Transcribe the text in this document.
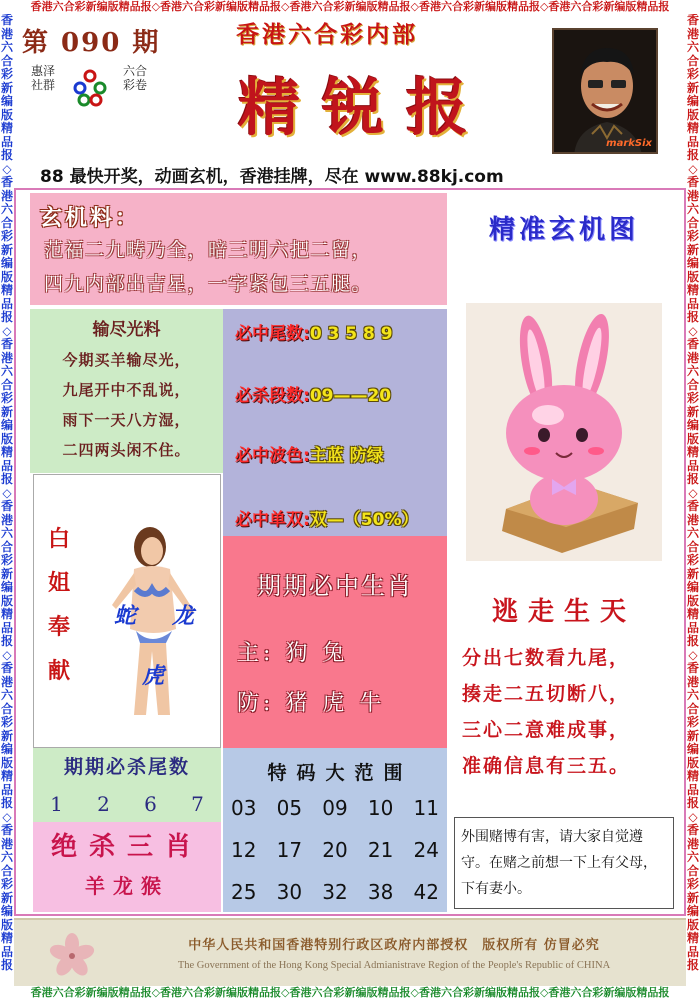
香港六合彩新编版精品报◇香港六合彩新编版精品报◇香港六合彩新编版精品报◇香港六合彩新编版精品报◇香港六合彩新编版精品报
香港六合彩新编版精品报◇香港六合彩新编版精品报◇香港六合彩新编版精品报◇香港六合彩新编版精品报◇香港六合彩新编版精品报
香港六合彩新编版精品报◇香港六合彩新编版精品报◇香港六合彩新编版精品报◇香港六合彩新编版精品报◇香港六合彩新编版精品报◇香港六合彩新编版精品报
香港六合彩新编版精品报◇香港六合彩新编版精品报◇香港六合彩新编版精品报◇香港六合彩新编版精品报◇香港六合彩新编版精品报◇香港六合彩新编版精品报
第 090 期
惠泽社群
六合彩卷
香港六合彩内部
精锐报	markSix
88 最快开奖，动画玄机，香港挂牌，尽在 www.88kj.com
玄机料：
范福二九畴乃全，暗三明六把二留，
四九内部出吉星，一字紧包三五腿。
输尽光料
今期买羊输尽光，
九尾开中不乱说，
雨下一天八方湿，
二四两头闲不住。
白
姐
奉
献
蛇 龙
虎
必中尾数:0 3 5 8 9
必杀段数:09——20
必中波色:主蓝 防绿
必中单双:双—（50%）
期期必中生肖
主: 狗 兔
防: 猪 虎 牛
期期必杀尾数
1 2 6 7
绝杀三肖
羊龙猴
特 码 大 范 围
03 05 09 10 11
12 17 20 21 24
25 30 32 38 42
精准玄机图
逃走生天
分出七数看九尾，
揍走二五切断八，
三心二意难成事，
准确信息有三五。
外围赌博有害，请大家自觉遵守。在赌之前想一下上有父母，下有妻小。
中华人民共和国香港特别行政区政府内部授权　版权所有 仿冒必究
The Government of the Hong Kong Special Admianistrave Region of the People's Republic of CHINA
